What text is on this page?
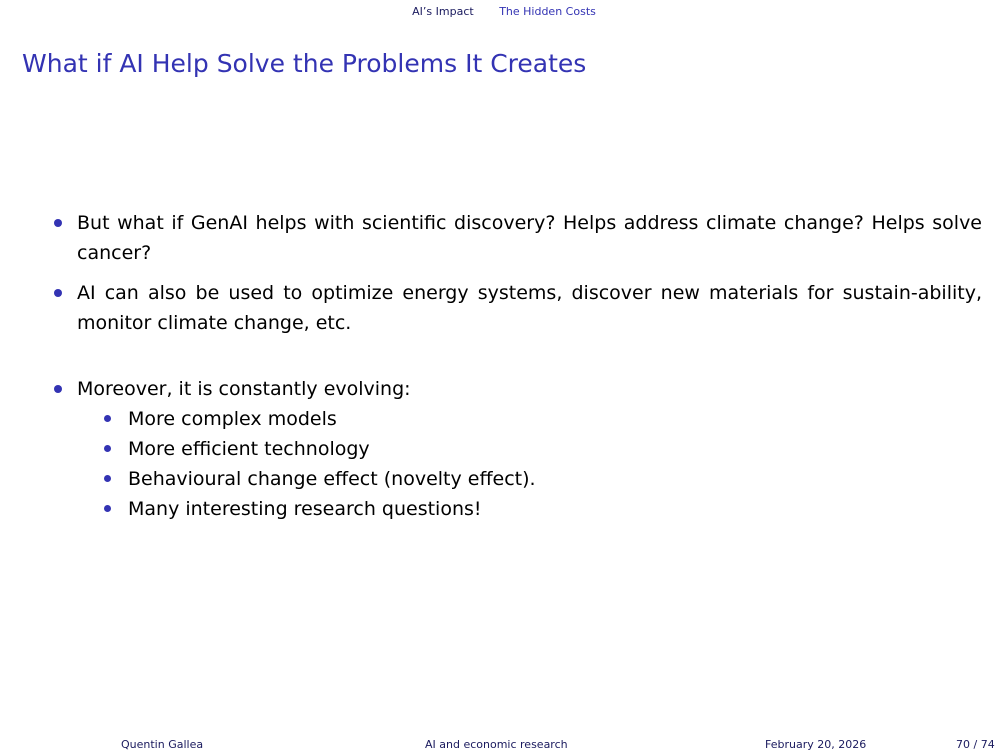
AI’s Impact The Hidden Costs
What if AI Help Solve the Problems It Creates
But what if GenAI helps with scientific discovery? Helps address climate change? Helps solve cancer?
AI can also be used to optimize energy systems, discover new materials for sustain-ability, monitor climate change, etc.
Moreover, it is constantly evolving:
More complex models
More efficient technology
Behavioural change effect (novelty effect).
Many interesting research questions!
Quentin Gallea	AI and economic research	February 20, 2026	70 / 74
